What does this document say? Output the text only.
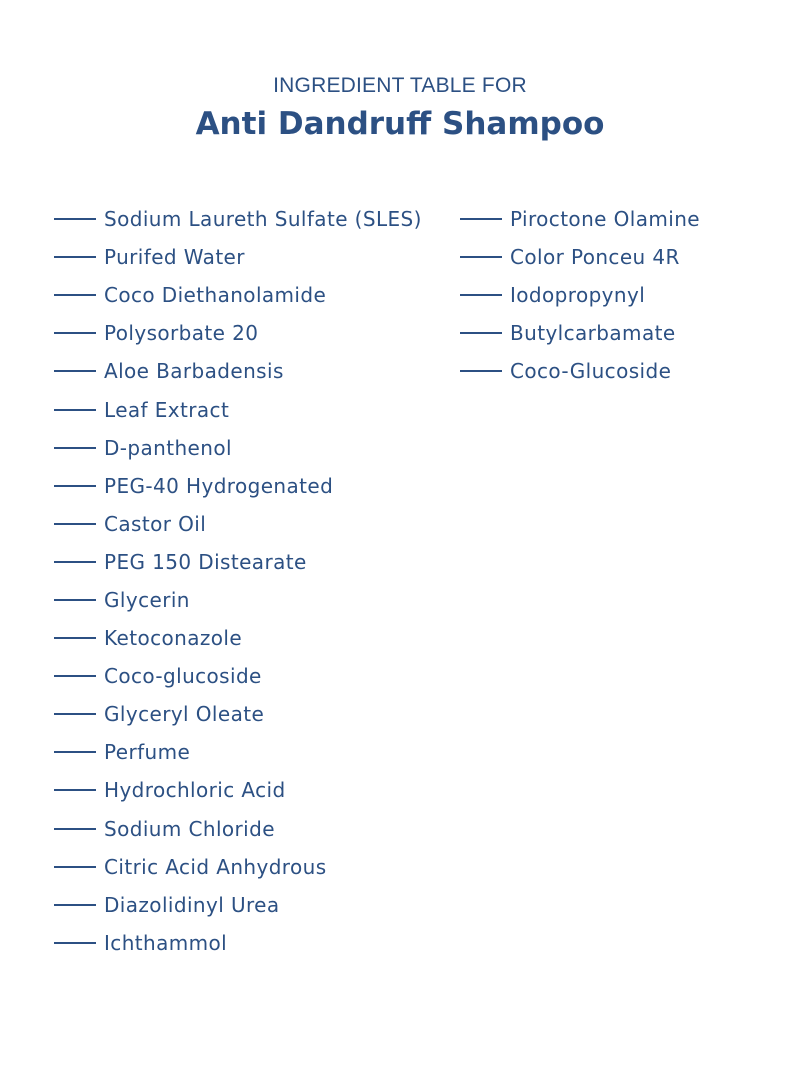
INGREDIENT TABLE FOR
Anti Dandruff Shampoo
Sodium Laureth Sulfate (SLES)
Purifed Water
Coco Diethanolamide
Polysorbate 20
Aloe Barbadensis
Leaf Extract
D-panthenol
PEG-40 Hydrogenated
Castor Oil
PEG 150 Distearate
Glycerin
Ketoconazole
Coco-glucoside
Glyceryl Oleate
Perfume
Hydrochloric Acid
Sodium Chloride
Citric Acid Anhydrous
Diazolidinyl Urea
Ichthammol
Piroctone Olamine
Color Ponceu 4R
Iodopropynyl
Butylcarbamate
Coco-Glucoside
